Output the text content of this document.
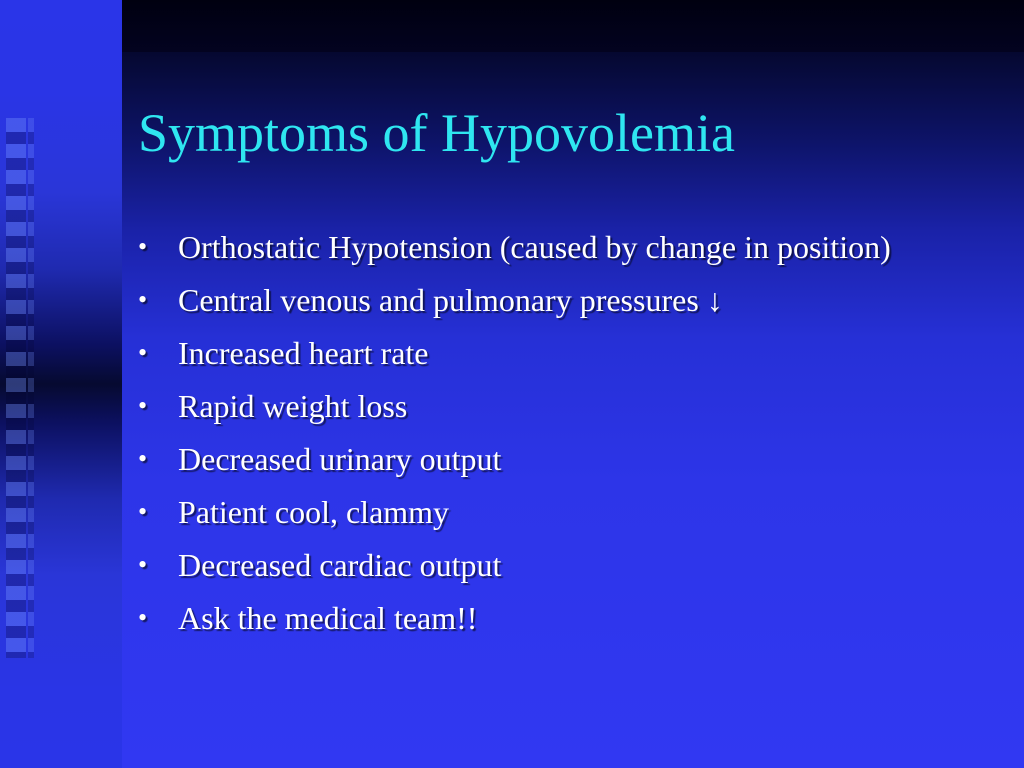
Symptoms of Hypovolemia
• Orthostatic Hypotension (caused by change in position)
• Central venous and pulmonary pressures ↓
• Increased heart rate
• Rapid weight loss
• Decreased urinary output
• Patient cool, clammy
• Decreased cardiac output
• Ask the medical team!!
